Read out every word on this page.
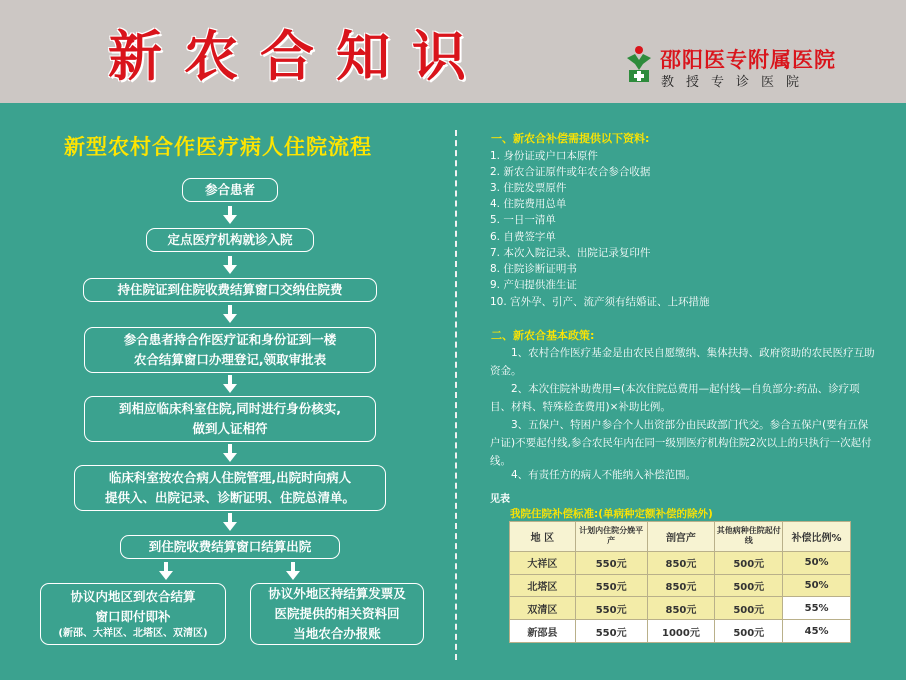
新农合知识	邵阳医专附属医院
教授专诊医院
新型农村合作医疗病人住院流程
参合患者
定点医疗机构就诊入院
持住院证到住院收费结算窗口交纳住院费
参合患者持合作医疗证和身份证到一楼
农合结算窗口办理登记,领取审批表
到相应临床科室住院,同时进行身份核实,
做到人证相符
临床科室按农合病人住院管理,出院时向病人
提供入、出院记录、诊断证明、住院总清单。
到住院收费结算窗口结算出院
协议内地区到农合结算
窗口即付即补
(新邵、大祥区、北塔区、双清区)
协议外地区持结算发票及
医院提供的相关资料回
当地农合办报账
一、新农合补偿需提供以下资料:
1. 身份证或户口本原件
2. 新农合证原件或年农合参合收据
3. 住院发票原件
4. 住院费用总单
5. 一日一清单
6. 自费签字单
7. 本次入院记录、出院记录复印件
8. 住院诊断证明书
9. 产妇提供准生证
10. 宫外孕、引产、流产须有结婚证、上环措施
二、新农合基本政策:
1、农村合作医疗基金是由农民自愿缴纳、集体扶持、政府资助的农民医疗互助资金。
2、本次住院补助费用=(本次住院总费用—起付线—自负部分:药品、诊疗项目、材料、特殊检查费用)×补助比例。
3、五保户、特困户参合个人出资部分由民政部门代交。参合五保户(要有五保户证)不要起付线,参合农民年内在同一级别医疗机构住院2次以上的只执行一次起付线。
4、有责任方的病人不能纳入补偿范围。
见表
我院住院补偿标准:(单病种定额补偿的除外)
地 区	计划内住院分娩平产	剖宫产	其他病种住院起付线	补偿比例%
大祥区	550元	850元	500元	50%
北塔区	550元	850元	500元	50%
双清区	550元	850元	500元	55%
新邵县	550元	1000元	500元	45%
